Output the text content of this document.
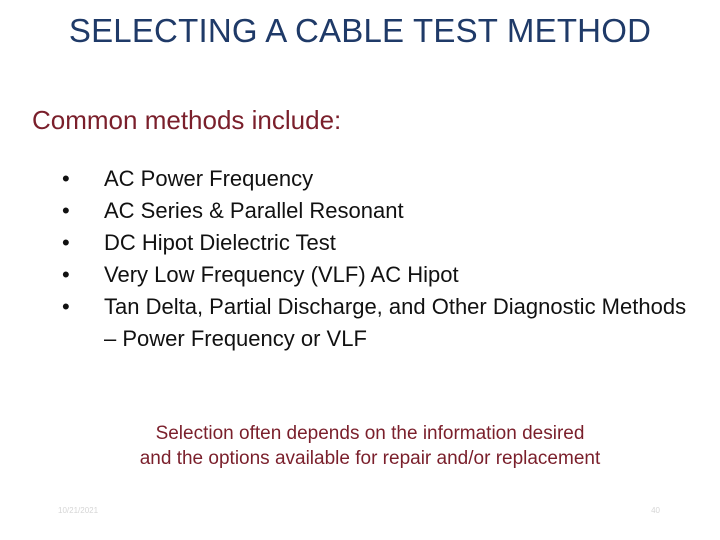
SELECTING A CABLE TEST METHOD
Common methods include:
•	AC Power Frequency
•	AC Series & Parallel Resonant
•	DC Hipot Dielectric Test
•	Very Low Frequency (VLF) AC Hipot
•	Tan Delta, Partial Discharge, and Other Diagnostic Methods – Power Frequency or VLF
Selection often depends on the information desired
and the options available for repair and/or replacement
10/21/2021	40
